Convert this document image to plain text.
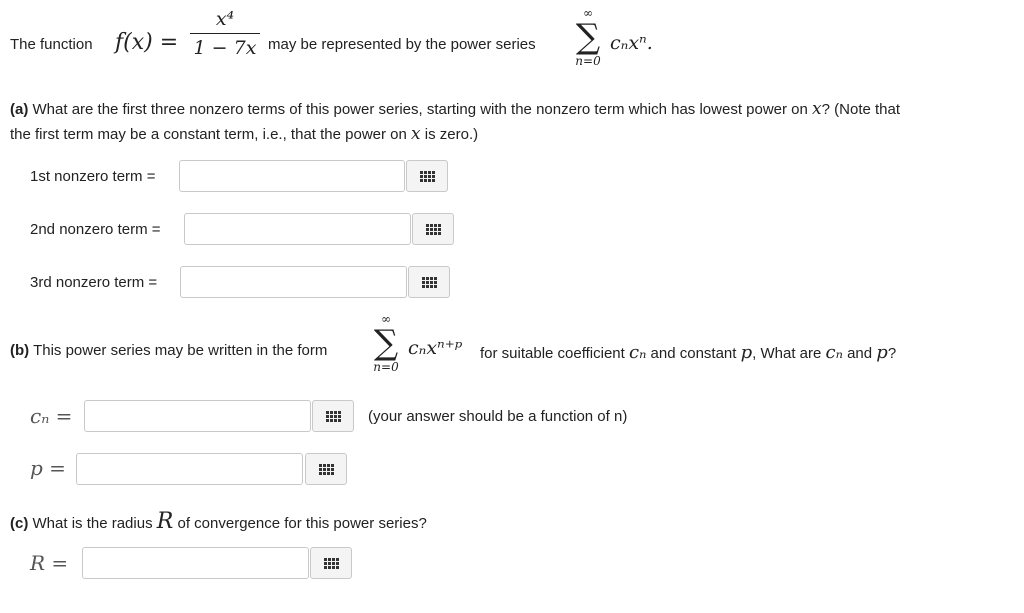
The function f(x) =
x⁴
1 − 7x may be represented by the power series
∞
∑
n=0
cₙxⁿ.
(a) What are the first three nonzero terms of this power series, starting with the nonzero term which has lowest power on x? (Note that
the first term may be a constant term, i.e., that the power on x is zero.)
1st nonzero term =
2nd nonzero term =
3rd nonzero term =
(b) This power series may be written in the form
∞
∑
n=0
cₙxⁿ⁺ᵖ for suitable coefficient cₙ and constant p, What are cₙ and p?
cₙ =	(your answer should be a function of n)
p =
(c) What is the radius R of convergence for this power series?
R =
